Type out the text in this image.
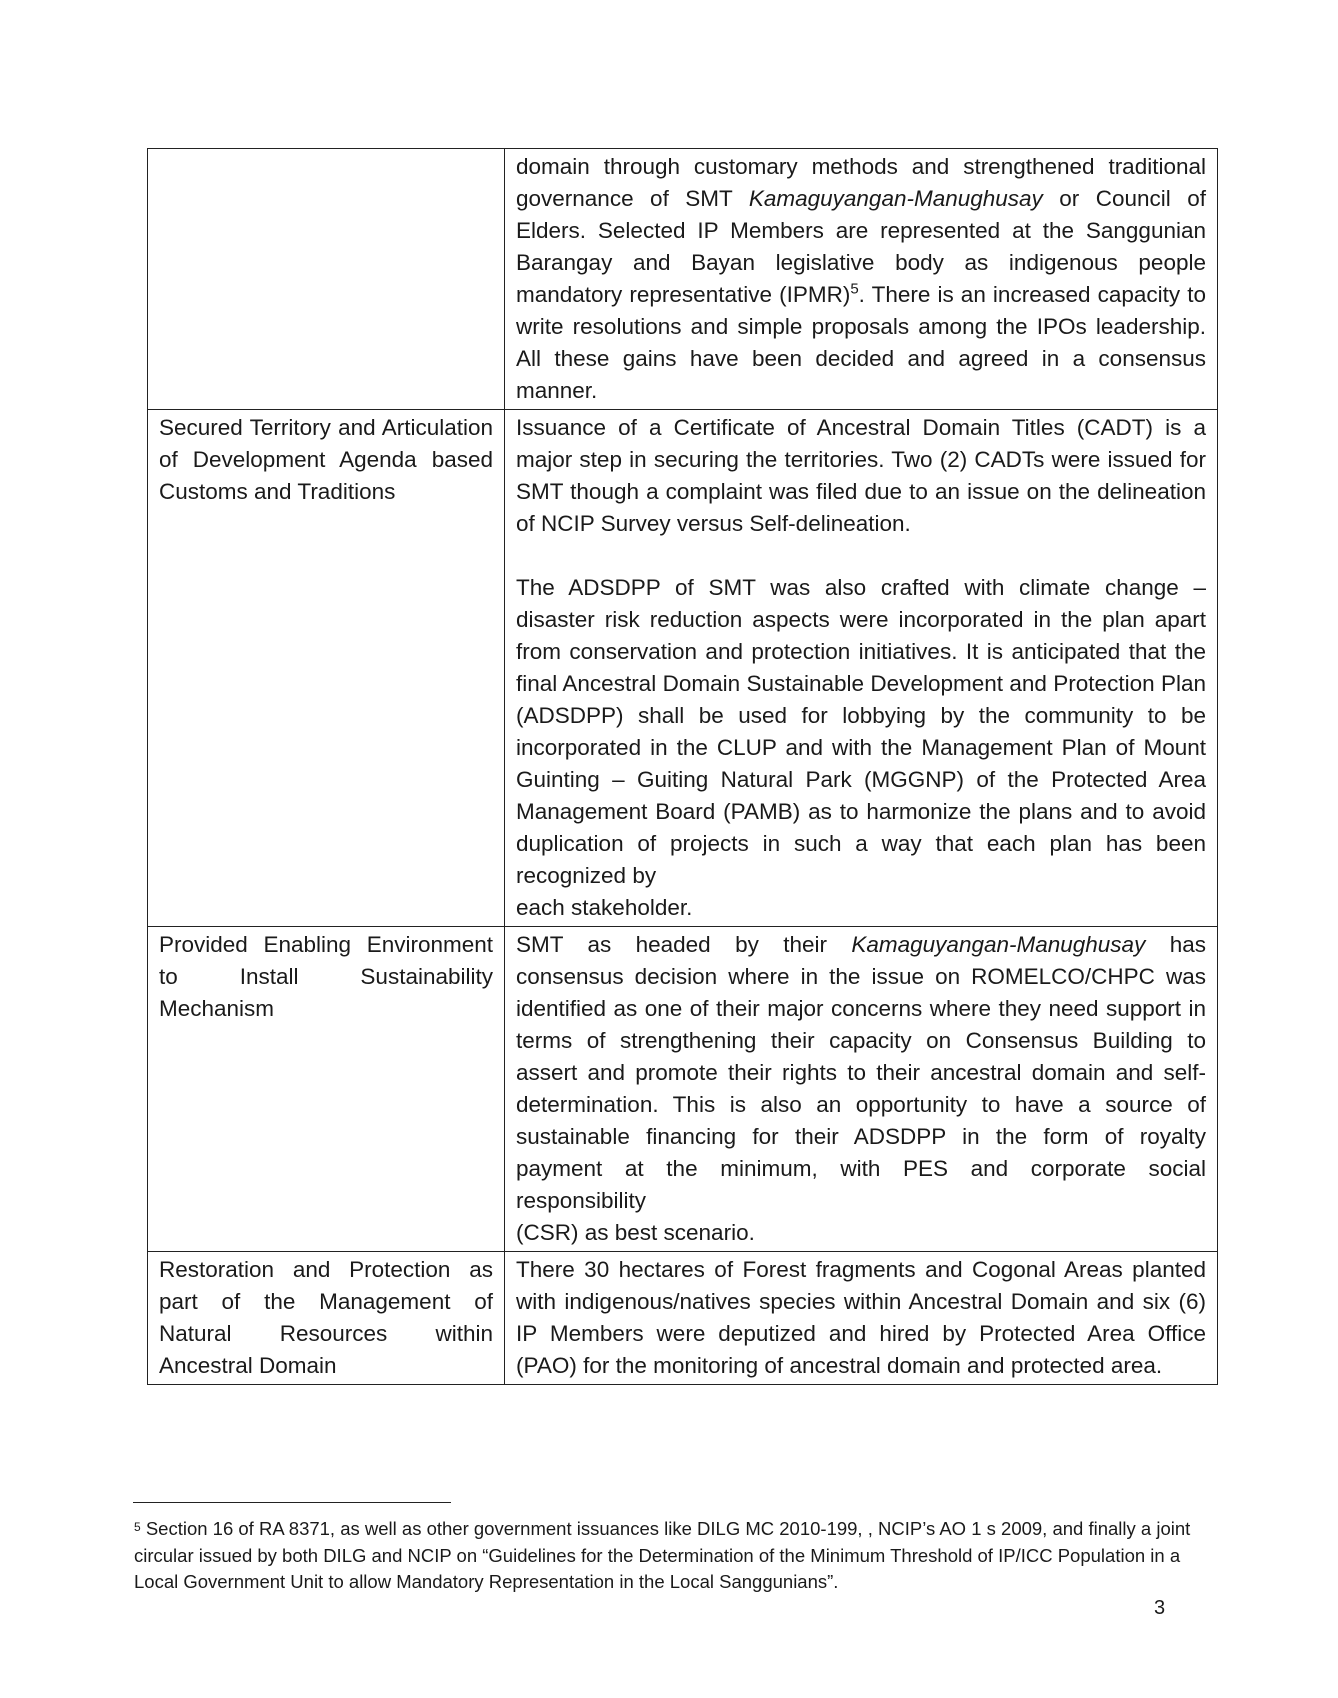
	domain through customary methods and strengthened traditional governance of SMT Kamaguyangan-Manughusay or Council of Elders. Selected IP Members are represented at the Sanggunian Barangay and Bayan legislative body as indigenous people mandatory representative (IPMR)$^5$. There is an increased capacity to write resolutions and simple proposals among the IPOs leadership. All these gains have been decided and agreed in a consensus manner.

Secured Territory and Articulation of Development Agenda based Customs and Traditions	Issuance of a Certificate of Ancestral Domain Titles (CADT) is a major step in securing the territories. Two (2) CADTs were issued for SMT though a complaint was filed due to an issue on the delineation of NCIP Survey versus Self-delineation.

The ADSDPP of SMT was also crafted with climate change – disaster risk reduction aspects were incorporated in the plan apart from conservation and protection initiatives. It is anticipated that the final Ancestral Domain Sustainable Development and Protection Plan (ADSDPP) shall be used for lobbying by the community to be incorporated in the CLUP and with the Management Plan of Mount Guinting – Guiting Natural Park (MGGNP) of the Protected Area Management Board (PAMB) as to harmonize the plans and to avoid duplication of projects in such a way that each plan has been recognized by

each stakeholder.

Provided Enabling Environment to Install Sustainability Mechanism	SMT as headed by their Kamaguyangan-Manughusay has consensus decision where in the issue on ROMELCO/CHPC was identified as one of their major concerns where they need support in terms of strengthening their capacity on Consensus Building to assert and promote their rights to their ancestral domain and self- determination. This is also an opportunity to have a source of sustainable financing for their ADSDPP in the form of royalty payment at the minimum, with PES and corporate social responsibility

(CSR) as best scenario.

Restoration and Protection as part of the Management of Natural Resources within Ancestral Domain	There 30 hectares of Forest fragments and Cogonal Areas planted with indigenous/natives species within Ancestral Domain and six (6) IP Members were deputized and hired by Protected Area Office (PAO) for the monitoring of ancestral domain and protected area.

$^5$ Section 16 of RA 8371, as well as other government issuances like DILG MC 2010-199, , NCIP’s AO 1 s 2009, and finally a joint circular issued by both DILG and NCIP on “Guidelines for the Determination of the Minimum Threshold of IP/ICC Population in a Local Government Unit to allow Mandatory Representation in the Local Sanggunians”.
3
